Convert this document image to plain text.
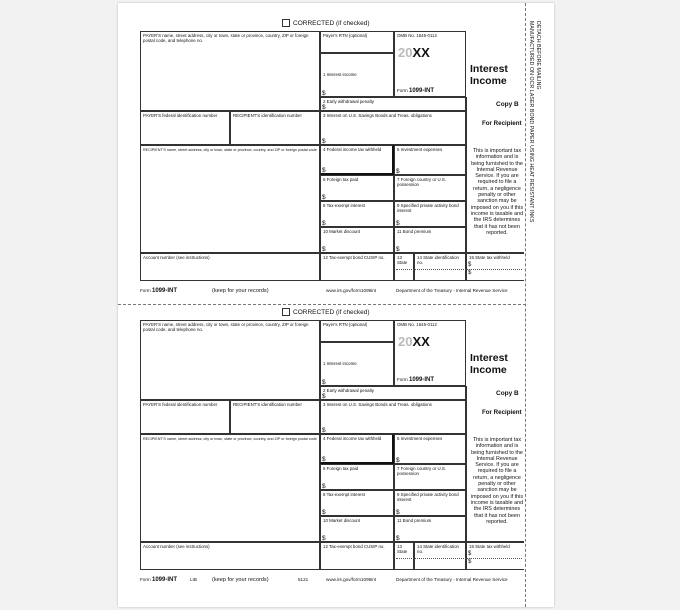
DETACH BEFORE MAILING
MANUFACTURED ON OCR LASER BOND PAPER USING HEAT RESISTANT INKS
CORRECTED (if checked)
PAYER'S name, street address, city or town, state or province, country, ZIP or foreign postal code, and telephone no.
Payer's RTN (optional)
1 Interest income
$
OMB No. 1545-0112
20XX
Form 1099-INT
Interest Income
2 Early withdrawal penalty
$	Copy B
PAYER'S federal identification number	RECIPIENT'S identification number	3 Interest on U.S. Savings Bonds and Treas. obligations
$
For Recipient
RECIPIENT'S name, street address, city or town, state or province, country, and ZIP or foreign postal code	4 Federal income tax withheld
$
5 Investment expenses
$
6 Foreign tax paid
$
7 Foreign country or U.S. possession
8 Tax-exempt interest
$
9 Specified private activity bond interest
$
10 Market discount
$
11 Bond premium
$
This is important tax information and is being furnished to the Internal Revenue Service. If you are required to file a return, a negligence penalty or other sanction may be imposed on you if this income is taxable and the IRS determines that it has not been reported.
Account number (see instructions)	12 Tax-exempt bond CUSIP no.	13 State
14 State identification no.
15 State tax withheld
$
$
Form 1099-INT	(keep for your records)	www.irs.gov/form1099int	Department of the Treasury - Internal Revenue Service
CORRECTED (if checked)
PAYER'S name, street address, city or town, state or province, country, ZIP or foreign postal code, and telephone no.
Payer's RTN (optional)
1 Interest income
$
OMB No. 1545-0112
20XX
Form 1099-INT
Interest Income
2 Early withdrawal penalty
$	Copy B
PAYER'S federal identification number	RECIPIENT'S identification number	3 Interest on U.S. Savings Bonds and Treas. obligations
$
For Recipient
RECIPIENT'S name, street address, city or town, state or province, country, and ZIP or foreign postal code	4 Federal income tax withheld
$
5 Investment expenses
$
6 Foreign tax paid
$
7 Foreign country or U.S. possession
8 Tax-exempt interest
$
9 Specified private activity bond interest
$
10 Market discount
$
11 Bond premium
$
This is important tax information and is being furnished to the Internal Revenue Service. If you are required to file a return, a negligence penalty or other sanction may be imposed on you if this income is taxable and the IRS determines that it has not been reported.
Account number (see instructions)	12 Tax-exempt bond CUSIP no.	13 State
14 State identification no.
15 State tax withheld
$
$
Form 1099-INT	LIB	(keep for your records)	5121	www.irs.gov/form1099int	Department of the Treasury - Internal Revenue Service
